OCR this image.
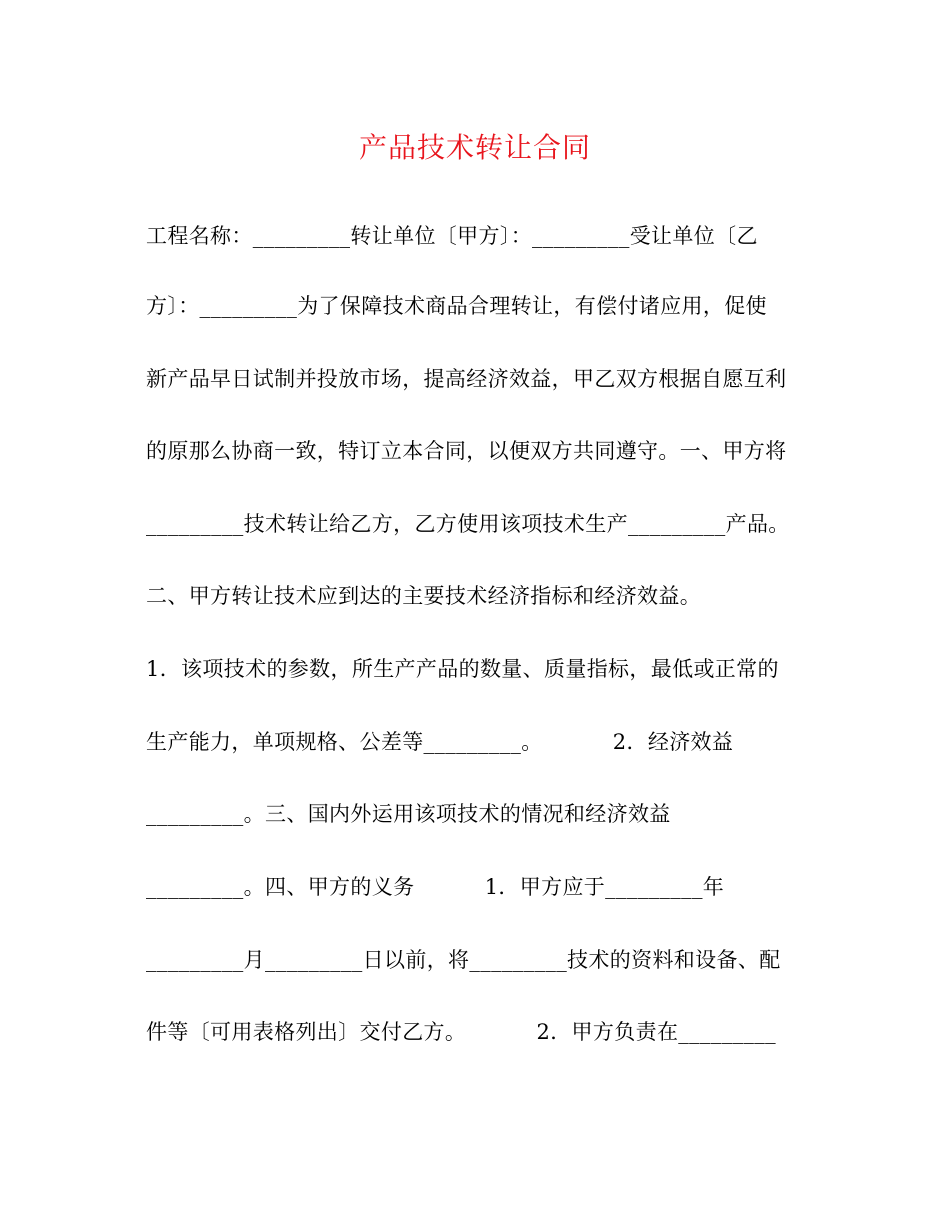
产品技术转让合同
工程名称：_________转让单位〔甲方〕：_________受让单位〔乙
方〕：_________为了保障技术商品合理转让，有偿付诸应用，促使
新产品早日试制并投放市场，提高经济效益，甲乙双方根据自愿互利
的原那么协商一致，特订立本合同，以便双方共同遵守。一、甲方将
_________技术转让给乙方，乙方使用该项技术生产_________产品。
二、甲方转让技术应到达的主要技术经济指标和经济效益。
1．该项技术的参数，所生产产品的数量、质量指标，最低或正常的
生产能力，单项规格、公差等_________。          2．经济效益
_________。三、国内外运用该项技术的情况和经济效益
_________。四、甲方的义务          1．甲方应于_________年
_________月_________日以前，将_________技术的资料和设备、配
件等〔可用表格列出〕交付乙方。          2．甲方负责在_________
